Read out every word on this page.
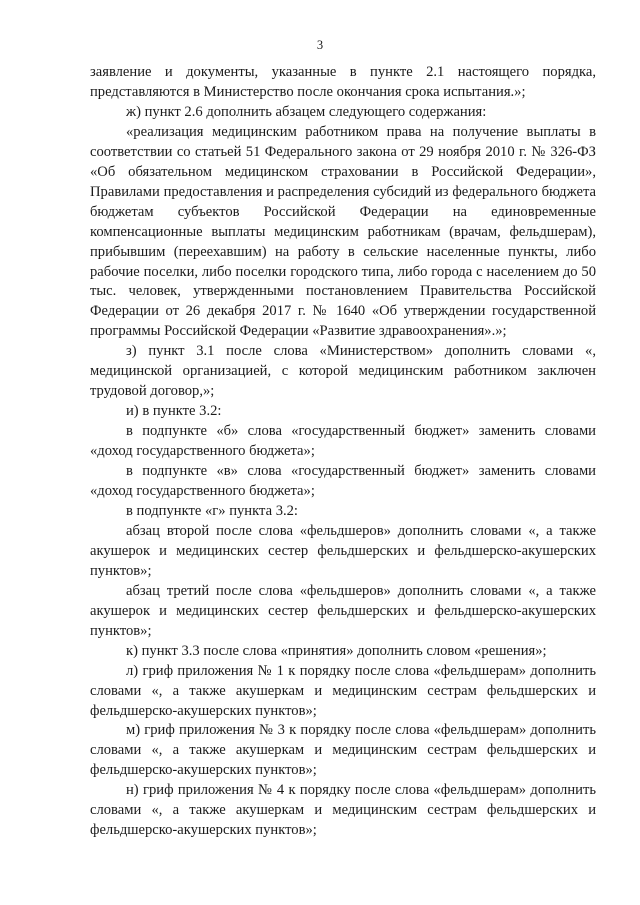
3

заявление и документы, указанные в пункте 2.1 настоящего порядка, представляются в Министерство после окончания срока испытания.»;

ж) пункт 2.6 дополнить абзацем следующего содержания:

«реализация медицинским работником права на получение выплаты в соответствии со статьей 51 Федерального закона от 29 ноября 2010 г. № 326-ФЗ «Об обязательном медицинском страховании в Российской Федерации», Правилами предоставления и распределения субсидий из федерального бюджета бюджетам субъектов Российской Федерации на единовременные компенсационные выплаты медицинским работникам (врачам, фельдшерам), прибывшим (переехавшим) на работу в сельские населенные пункты, либо рабочие поселки, либо поселки городского типа, либо города с населением до 50 тыс. человек, утвержденными постановлением Правительства Российской Федерации от 26 декабря 2017 г. № 1640 «Об утверждении государственной программы Российской Федерации «Развитие здравоохранения».»;

з) пункт 3.1 после слова «Министерством» дополнить словами «, медицинской организацией, с которой медицинским работником заключен трудовой договор,»;

и) в пункте 3.2:

в подпункте «б» слова «государственный бюджет» заменить словами «доход государственного бюджета»;

в подпункте «в» слова «государственный бюджет» заменить словами «доход государственного бюджета»;

в подпункте «г» пункта 3.2:

абзац второй после слова «фельдшеров» дополнить словами «, а также акушерок и медицинских сестер фельдшерских и фельдшерско-акушерских пунктов»;

абзац третий после слова «фельдшеров» дополнить словами «, а также акушерок и медицинских сестер фельдшерских и фельдшерско-акушерских пунктов»;

к) пункт 3.3 после слова «принятия» дополнить словом «решения»;

л) гриф приложения № 1 к порядку после слова «фельдшерам» дополнить словами «, а также акушеркам и медицинским сестрам фельдшерских и фельдшерско-акушерских пунктов»;

м) гриф приложения № 3 к порядку после слова «фельдшерам» дополнить словами «, а также акушеркам и медицинским сестрам фельдшерских и фельдшерско-акушерских пунктов»;

н) гриф приложения № 4 к порядку после слова «фельдшерам» дополнить словами «, а также акушеркам и медицинским сестрам фельдшерских и фельдшерско-акушерских пунктов»;
